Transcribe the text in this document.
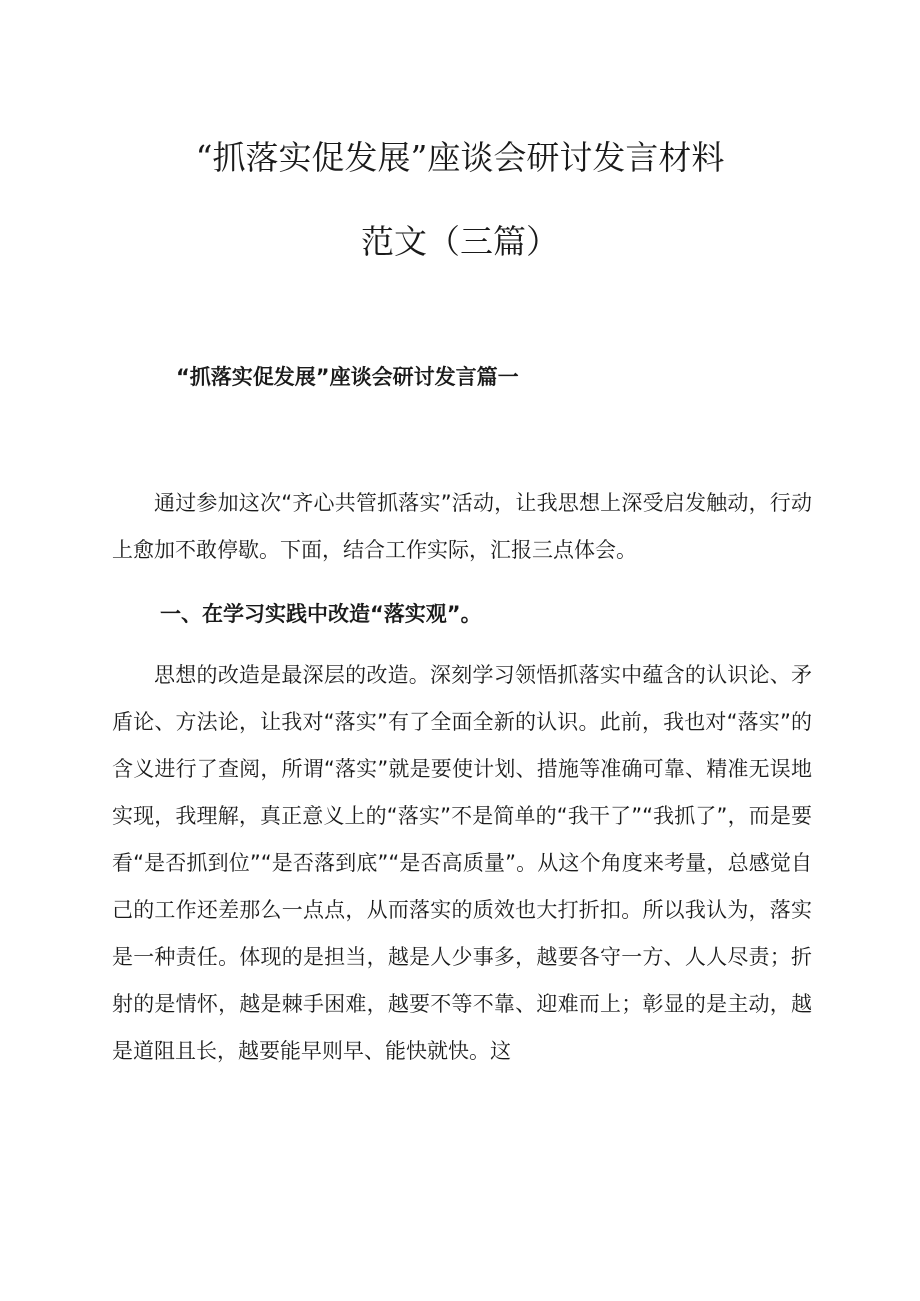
“抓落实促发展”座谈会研讨发言材料
范文（三篇）
“抓落实促发展”座谈会研讨发言篇一

通过参加这次“齐心共管抓落实”活动，让我思想上深受启发触动，行动上愈加不敢停歇。下面，结合工作实际，汇报三点体会。

一、在学习实践中改造“落实观”。

思想的改造是最深层的改造。深刻学习领悟抓落实中蕴含的认识论、矛盾论、方法论，让我对“落实”有了全面全新的认识。此前，我也对“落实”的含义进行了查阅，所谓“落实”就是要使计划、措施等准确可靠、精准无误地实现，我理解，真正意义上的“落实”不是简单的“我干了”“我抓了”，而是要看“是否抓到位”“是否落到底”“是否高质量”。从这个角度来考量，总感觉自己的工作还差那么一点点，从而落实的质效也大打折扣。所以我认为，落实是一种责任。体现的是担当，越是人少事多，越要各守一方、人人尽责；折射的是情怀，越是棘手困难，越要不等不靠、迎难而上；彰显的是主动，越是道阻且长，越要能早则早、能快就快。这
